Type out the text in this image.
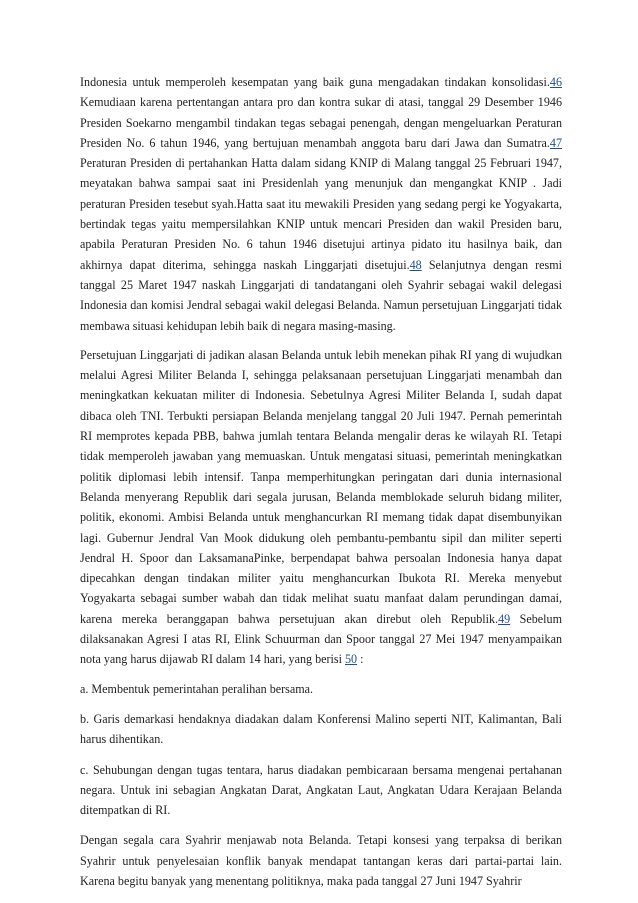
Indonesia untuk memperoleh kesempatan yang baik guna mengadakan tindakan konsolidasi.46 Kemudiaan karena pertentangan antara pro dan kontra sukar di atasi, tanggal 29 Desember 1946 Presiden Soekarno mengambil tindakan tegas sebagai penengah, dengan mengeluarkan Peraturan Presiden No. 6 tahun 1946, yang bertujuan menambah anggota baru dari Jawa dan Sumatra.47 Peraturan Presiden di pertahankan Hatta dalam sidang KNIP di Malang tanggal 25 Februari 1947, meyatakan bahwa sampai saat ini Presidenlah yang menunjuk dan mengangkat KNIP . Jadi peraturan Presiden tesebut syah.Hatta saat itu mewakili Presiden yang sedang pergi ke Yogyakarta, bertindak tegas yaitu mempersilahkan KNIP untuk mencari Presiden dan wakil Presiden baru, apabila Peraturan Presiden No. 6 tahun 1946 disetujui artinya pidato itu hasilnya baik, dan akhirnya dapat diterima, sehingga naskah Linggarjati disetujui.48 Selanjutnya dengan resmi tanggal 25 Maret 1947 naskah Linggarjati di tandatangani oleh Syahrir sebagai wakil delegasi Indonesia dan komisi Jendral sebagai wakil delegasi Belanda. Namun persetujuan Linggarjati tidak membawa situasi kehidupan lebih baik di negara masing-masing.

Persetujuan Linggarjati di jadikan alasan Belanda untuk lebih menekan pihak RI yang di wujudkan melalui Agresi Militer Belanda I, sehingga pelaksanaan persetujuan Linggarjati menambah dan meningkatkan kekuatan militer di Indonesia. Sebetulnya Agresi Militer Belanda I, sudah dapat dibaca oleh TNI. Terbukti persiapan Belanda menjelang tanggal 20 Juli 1947. Pernah pemerintah RI memprotes kepada PBB, bahwa jumlah tentara Belanda mengalir deras ke wilayah RI. Tetapi tidak memperoleh jawaban yang memuaskan. Untuk mengatasi situasi, pemerintah meningkatkan politik diplomasi lebih intensif. Tanpa memperhitungkan peringatan dari dunia internasional Belanda menyerang Republik dari segala jurusan, Belanda memblokade seluruh bidang militer, politik, ekonomi. Ambisi Belanda untuk menghancurkan RI memang tidak dapat disembunyikan lagi. Gubernur Jendral Van Mook didukung oleh pembantu-pembantu sipil dan militer seperti Jendral H. Spoor dan LaksamanaPinke, berpendapat bahwa persoalan Indonesia hanya dapat dipecahkan dengan tindakan militer yaitu menghancurkan Ibukota RI. Mereka menyebut Yogyakarta sebagai sumber wabah dan tidak melihat suatu manfaat dalam perundingan damai, karena mereka beranggapan bahwa persetujuan akan direbut oleh Republik.49 Sebelum dilaksanakan Agresi I atas RI, Elink Schuurman dan Spoor tanggal 27 Mei 1947 menyampaikan nota yang harus dijawab RI dalam 14 hari, yang berisi 50 :

a. Membentuk pemerintahan peralihan bersama.

b. Garis demarkasi hendaknya diadakan dalam Konferensi Malino seperti NIT, Kalimantan, Bali harus dihentikan.

c. Sehubungan dengan tugas tentara, harus diadakan pembicaraan bersama mengenai pertahanan negara. Untuk ini sebagian Angkatan Darat, Angkatan Laut, Angkatan Udara Kerajaan Belanda ditempatkan di RI.

Dengan segala cara Syahrir menjawab nota Belanda. Tetapi konsesi yang terpaksa di berikan Syahrir untuk penyelesaian konflik banyak mendapat tantangan keras dari partai-partai lain. Karena begitu banyak yang menentang politiknya, maka pada tanggal 27 Juni 1947 Syahrir
